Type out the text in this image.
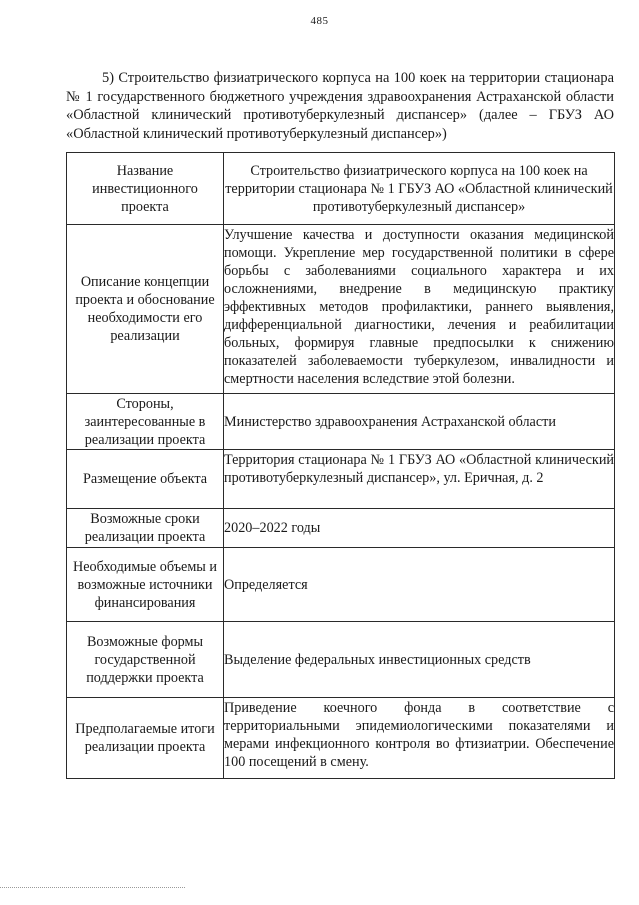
485

5) Строительство физиатрического корпуса на 100 коек на территории стационара № 1 государственного бюджетного учреждения здравоохранения Астраханской области «Областной клинический противотуберкулезный диспансер» (далее – ГБУЗ АО «Областной клинический противотуберкулезный диспансер»)

Название инвестиционного проекта	Строительство физиатрического корпуса на 100 коек на территории стационара № 1 ГБУЗ АО «Областной клинический противотуберкулезный диспансер»
Описание концепции проекта и обоснование необходимости его реализации	Улучшение качества и доступности оказания медицинской помощи. Укрепление мер государственной политики в сфере борьбы с заболеваниями социального характера и их осложнениями, внедрение в медицинскую практику эффективных методов профилактики, раннего выявления, дифференциальной диагностики, лечения и реабилитации больных, формируя главные предпосылки к снижению показателей заболеваемости туберкулезом, инвалидности и смертности населения вследствие этой болезни.
Стороны, заинтересованные в реализации проекта	Министерство здравоохранения Астраханской области
Размещение объекта	Территория стационара № 1 ГБУЗ АО «Областной клинический противотуберкулезный диспансер», ул. Еричная, д. 2
Возможные сроки реализации проекта	2020–2022 годы
Необходимые объемы и возможные источники финансирования	Определяется
Возможные формы государственной поддержки проекта	Выделение федеральных инвестиционных средств
Предполагаемые итоги реализации проекта	Приведение коечного фонда в соответствие с территориальными эпидемиологическими показателями и мерами инфекционного контроля во фтизиатрии. Обеспечение 100 посещений в смену.
